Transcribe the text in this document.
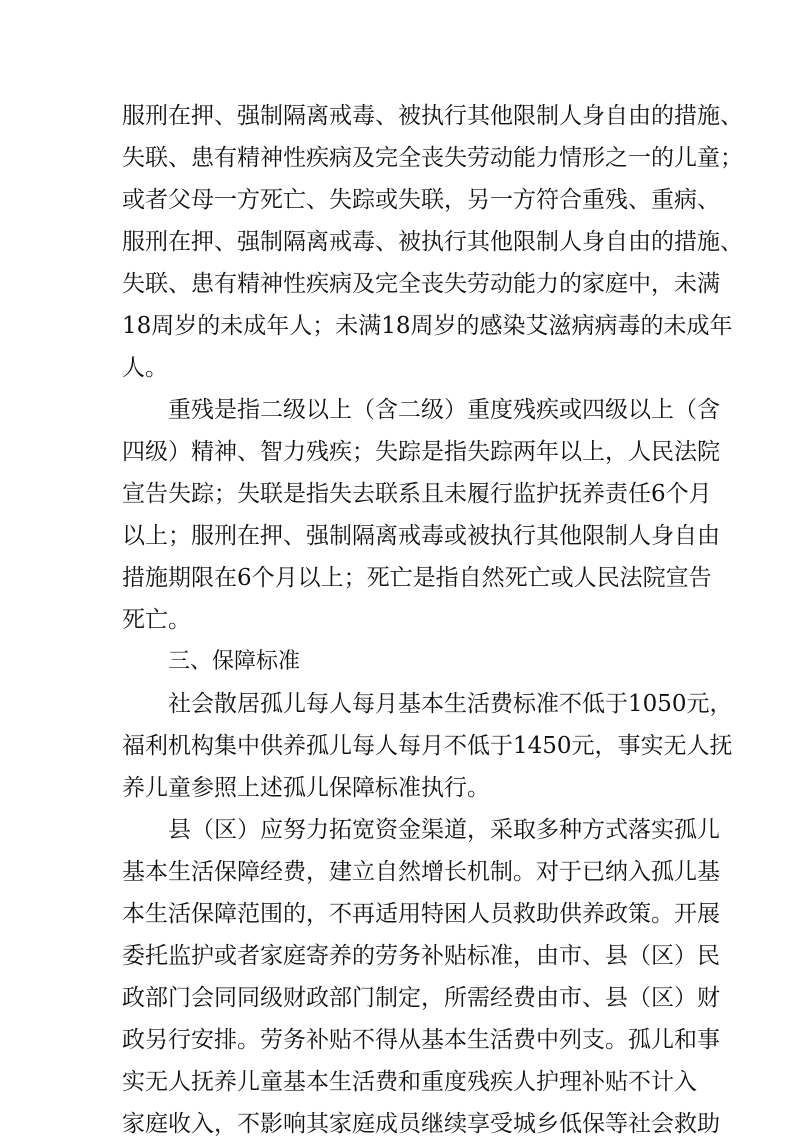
服刑在押、强制隔离戒毒、被执行其他限制人身自由的措施、
失联、患有精神性疾病及完全丧失劳动能力情形之一的儿童；
或者父母一方死亡、失踪或失联，另一方符合重残、重病、
服刑在押、强制隔离戒毒、被执行其他限制人身自由的措施、
失联、患有精神性疾病及完全丧失劳动能力的家庭中，未满
18周岁的未成年人；未满18周岁的感染艾滋病病毒的未成年
人。
重残是指二级以上（含二级）重度残疾或四级以上（含
四级）精神、智力残疾；失踪是指失踪两年以上，人民法院
宣告失踪；失联是指失去联系且未履行监护抚养责任6个月
以上；服刑在押、强制隔离戒毒或被执行其他限制人身自由
措施期限在6个月以上；死亡是指自然死亡或人民法院宣告
死亡。
三、保障标准
社会散居孤儿每人每月基本生活费标准不低于1050元，
福利机构集中供养孤儿每人每月不低于1450元，事实无人抚
养儿童参照上述孤儿保障标准执行。
县（区）应努力拓宽资金渠道，采取多种方式落实孤儿
基本生活保障经费，建立自然增长机制。对于已纳入孤儿基
本生活保障范围的，不再适用特困人员救助供养政策。开展
委托监护或者家庭寄养的劳务补贴标准，由市、县（区）民
政部门会同同级财政部门制定，所需经费由市、县（区）财
政另行安排。劳务补贴不得从基本生活费中列支。孤儿和事
实无人抚养儿童基本生活费和重度残疾人护理补贴不计入
家庭收入，不影响其家庭成员继续享受城乡低保等社会救助
